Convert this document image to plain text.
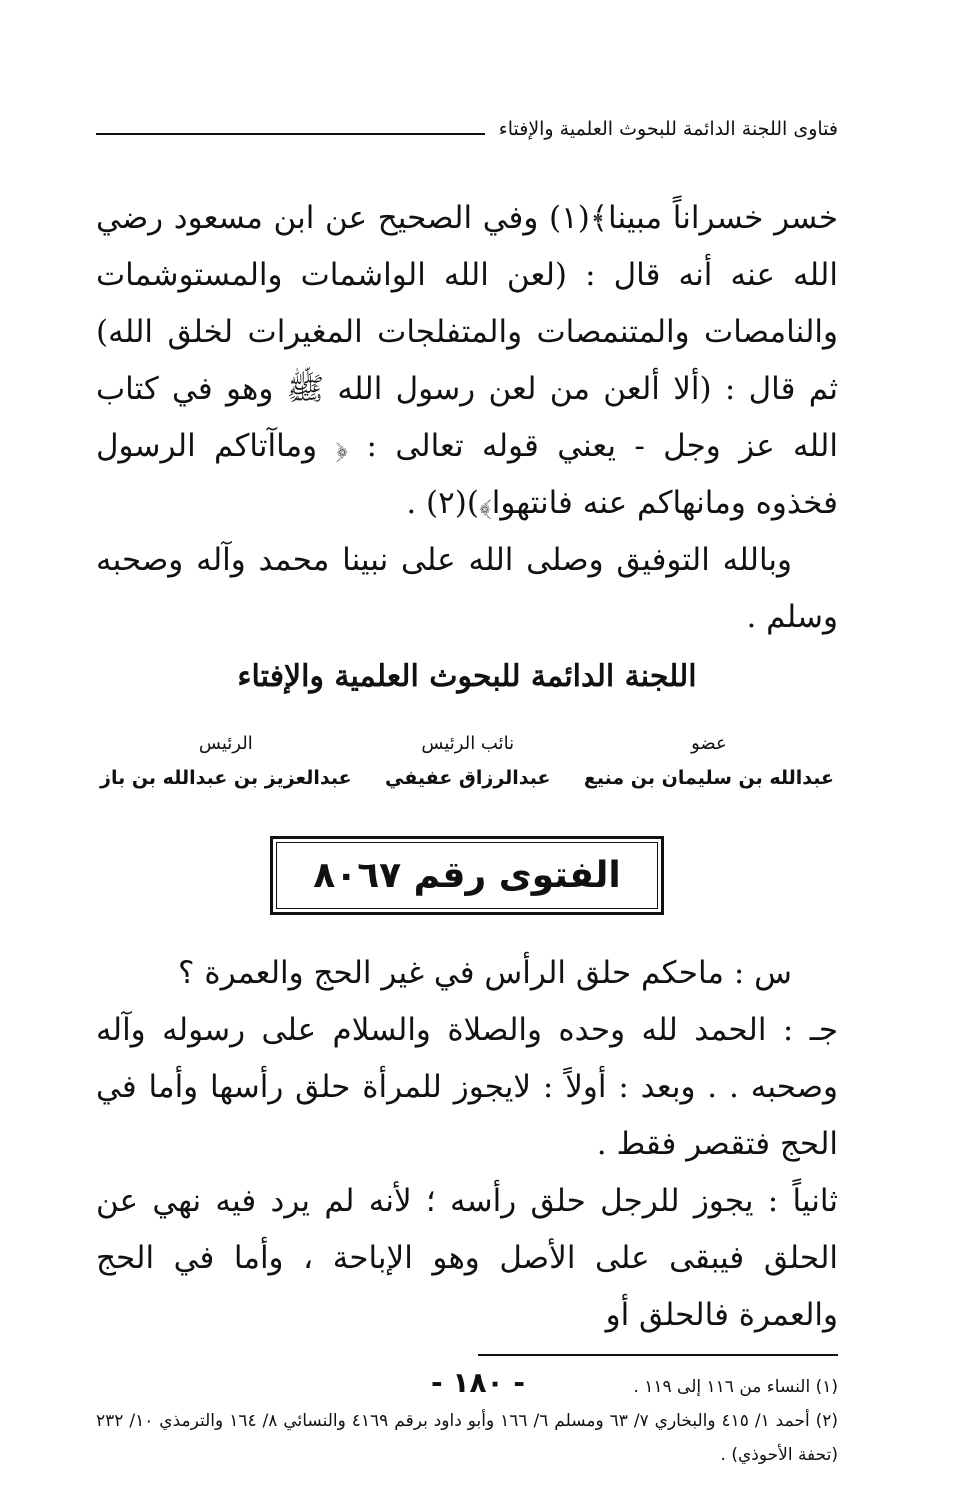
فتاوى اللجنة الدائمة للبحوث العلمية والإفتاء

خسر خسراناً مبينا﴾(١) وفي الصحيح عن ابن مسعود رضي الله عنه أنه قال : (لعن الله الواشمات والمستوشمات والنامصات والمتنمصات والمتفلجات المغيرات لخلق الله) ثم قال : (ألا ألعن من لعن رسول الله ﷺ وهو في كتاب الله عز وجل - يعني قوله تعالى : ﴿ وماآتاكم الرسول فخذوه ومانهاكم عنه فانتهوا﴾)(٢) .

وبالله التوفيق وصلى الله على نبينا محمد وآله وصحبه وسلم .

اللجنة الدائمة للبحوث العلمية والإفتاء

عضو
عبدالله بن سليمان بن منيع
نائب الرئيس
عبدالرزاق عفيفي
الرئيس
عبدالعزيز بن عبدالله بن باز
الفتوى رقم ٨٠٦٧

س : ماحكم حلق الرأس في غير الحج والعمرة ؟

جـ : الحمد لله وحده والصلاة والسلام على رسوله وآله وصحبه . . وبعد : أولاً : لايجوز للمرأة حلق رأسها وأما في الحج فتقصر فقط .

ثانياً : يجوز للرجل حلق رأسه ؛ لأنه لم يرد فيه نهي عن الحلق فيبقى على الأصل وهو الإباحة ، وأما في الحج والعمرة فالحلق أو

(١) النساء من ١١٦ إلى ١١٩ .

(٢) أحمد ١/ ٤١٥ والبخاري ٧/ ٦٣ ومسلم ٦/ ١٦٦ وأبو داود برقم ٤١٦٩ والنسائي ٨/ ١٦٤ والترمذي ١٠/ ٢٣٢ (تحفة الأحوذي) .

- ١٨٠ -
